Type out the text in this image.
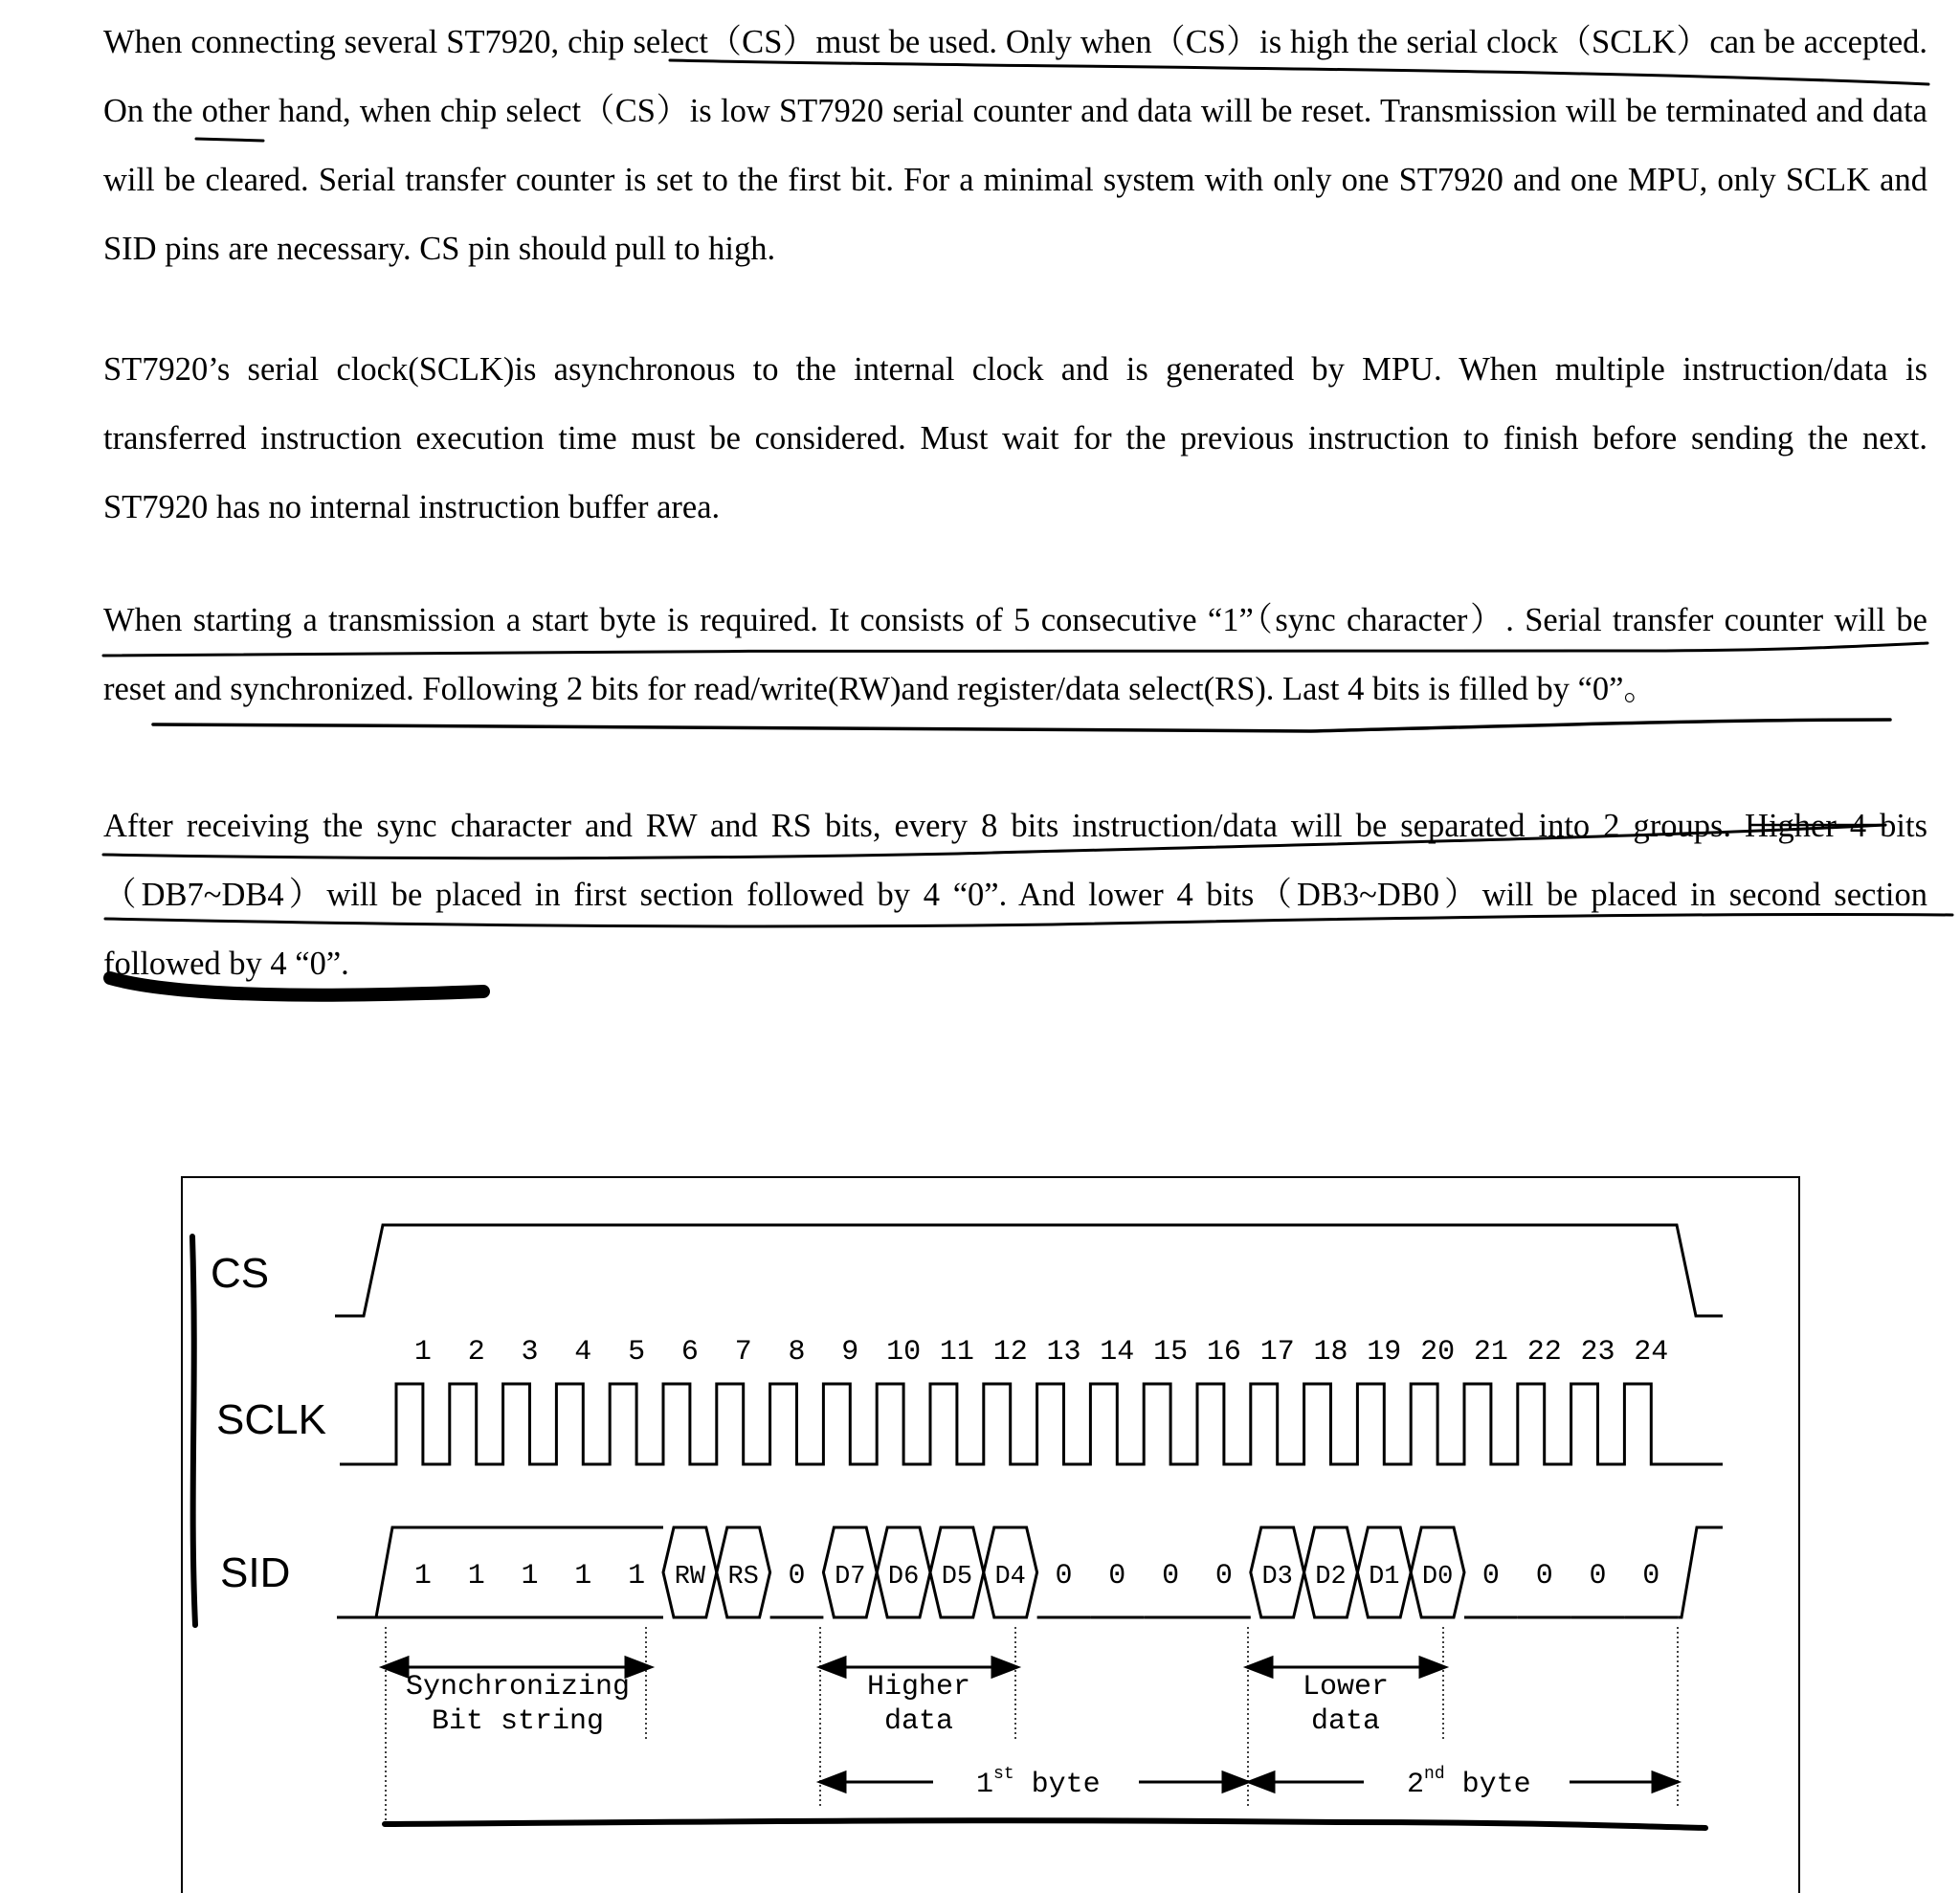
When connecting several ST7920, chip select（CS）must be used. Only when（CS）is high the serial clock（SCLK）can be accepted. On the other hand, when chip select（CS）is low ST7920 serial counter and data will be reset. Transmission will be terminated and data will be cleared. Serial transfer counter is set to the first bit. For a minimal system with only one ST7920 and one MPU, only SCLK and SID pins are necessary. CS pin should pull to high.

ST7920’s serial clock(SCLK)is asynchronous to the internal clock and is generated by MPU. When multiple instruction/data is transferred instruction execution time must be considered. Must wait for the previous instruction to finish before sending the next. ST7920 has no internal instruction buffer area.

When starting a transmission a start byte is required. It consists of 5 consecutive “1”（sync character）. Serial transfer counter will be reset and synchronized. Following 2 bits for read/write(RW)and register/data select(RS). Last 4 bits is filled by “0”。

After receiving the sync character and RW and RS bits, every 8 bits instruction/data will be separated into 2 groups. Higher 4 bits（DB7~DB4）will be placed in first section followed by 4 “0”. And lower 4 bits（DB3~DB0）will be placed in second section followed by 4 “0”.

CS
SCLK
SID
1 2 3 4 5 6 7 8 9 10 11 12 13 14 15 16 17 18 19 20 21 22 23 24
1 1 1 1 1 RW RS 0 D7 D6 D5 D4 0 0 0 0 D3 D2 D1 D0 0 0 0 0
Synchronizing
Bit string
Higher
data
Lower
data
1st byte	2nd byte
